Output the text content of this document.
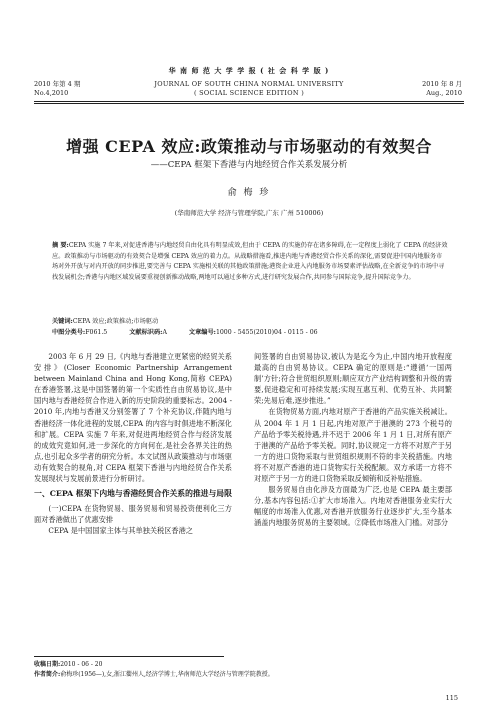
华 南 师 范 大 学 学 报 ( 社 会 科 学 版 )
2010 年第 4 期
No.4,2010
JOURNAL OF SOUTH CHINA NORMAL UNIVERSITY
( SOCIAL SCIENCE EDITION )
2010 年 8 月
Aug., 2010
增强 CEPA 效应:政策推动与市场驱动的有效契合
——CEPA 框架下香港与内地经贸合作关系发展分析
俞 梅 珍
(华南师范大学 经济与管理学院,广东 广州 510006)
摘 要:CEPA 实施 7 年来,对促进香港与内地经贸自由化具有明显成效,但由于 CEPA 的实施仍存在诸多障碍,在一定程度上弱化了 CEPA 的经济效应。政策推动与市场驱动的有效契合是增强 CEPA 效应的着力点。从战略措施看,推进内地与香港经贸合作关系的深化,需要促进中国内地服务市场对外开放与对内开放的同步推进,要完善与 CEPA 实施相关联的其他政策措施;港资企业进入内地服务市场要素评估战略,在全新竞争的市场中寻找发展机会;香港与内地区域发展要重视创新推动战略,两地可以通过多种方式,进行研究发展合作,共同参与国际竞争,提升国际竞争力。
关键词:CEPA 效应;政策推动;市场驱动
中图分类号:F061.5	文献标识码:A	文章编号:1000 - 5455(2010)04 - 0115 - 06

2003 年 6 月 29 日,《内地与香港建立更紧密的经贸关系安排》(Closer Economic Partnership Arrangement between Mainland China and Hong Kong,简称 CEPA)在香港签署,这是中国签署的第一个实质性自由贸易协议,是中国内地与香港经贸合作进入新的历史阶段的重要标志。2004 - 2010 年,内地与香港又分别签署了 7 个补充协议,伴随内地与香港经济一体化进程的发展,CEPA 的内容与时俱进地不断深化和扩展。CEPA 实施 7 年来,对促进两地经贸合作与经济发展的成效究竟如何,进一步深化的方向何在,是社会各界关注的热点,也引起众多学者的研究分析。本文试图从政策推动与市场驱动有效契合的视角,对 CEPA 框架下香港与内地经贸合作关系发展现状与发展前景进行分析研讨。

一、CEPA 框架下内地与香港经贸合作关系的推进与局限

(一)CEPA 在货物贸易、服务贸易和贸易投资便利化三方面对香港做出了优惠安排

CEPA 是中国国家主体与其单独关税区香港之

间签署的自由贸易协议,被认为是迄今为止,中国内地开放程度最高的自由贸易协议。CEPA 确定的原则是:“遵循‘一国两制’方针;符合世贸组织原则;顺应双方产业结构调整和升级的需要,促进稳定和可持续发展;实现互惠互利、优势互补、共同繁荣;先易后难,逐步推进。”

在货物贸易方面,内地对原产于香港的产品实施关税减让。从 2004 年 1 月 1 日起,内地对原产于港澳的 273 个税号的产品给予零关税待遇,并不迟于 2006 年 1 月 1 日,对所有原产于港澳的产品给予零关税。同时,协议规定一方将不对原产于另一方的进口货物采取与世贸组织规则不符的非关税措施。内地将不对原产香港的进口货物实行关税配额。双方承诺一方将不对原产于另一方的进口货物采取反倾销和反补贴措施。

服务贸易自由化涉及方面最为广泛,也是 CEPA 最主要部分,基本内容包括:①扩大市场准入。内地对香港服务业实行大幅度的市场准入优惠,对香港开放服务行业逐步扩大,至今基本涵盖内地服务贸易的主要领域。②降低市场准入门槛。对部分

收稿日期:2010 - 06 - 20
作者简介:俞梅珍(1956—),女,浙江衢州人,经济学博士,华南师范大学经济与管理学院教授。
115
